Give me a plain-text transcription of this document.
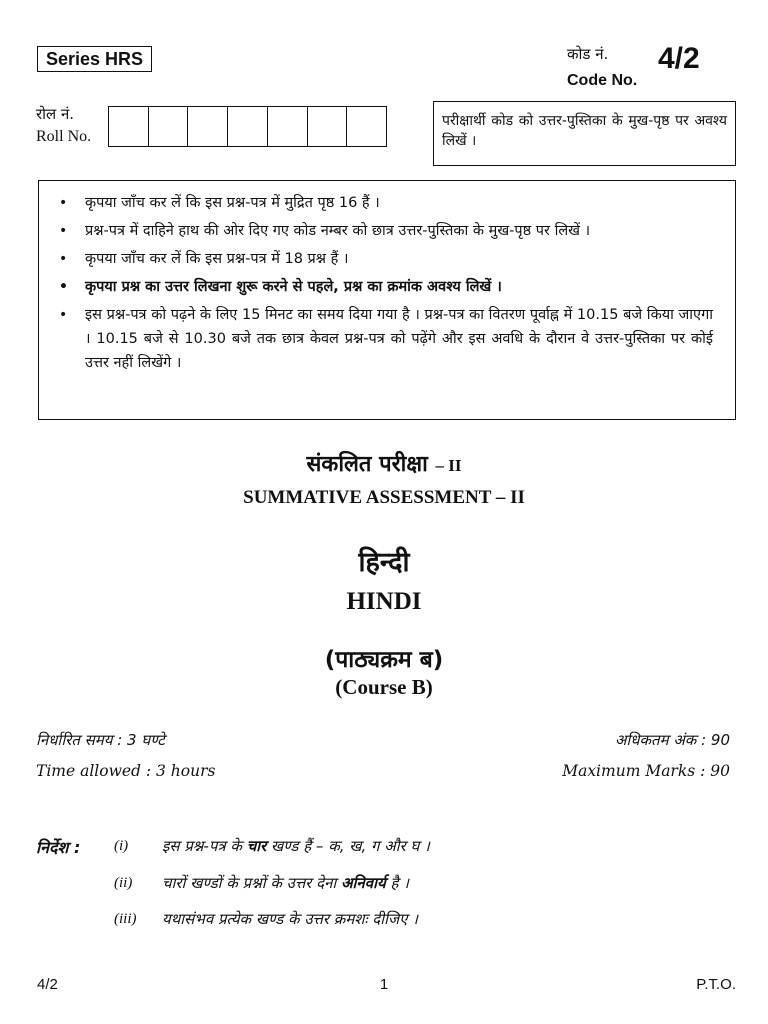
Series HRS	कोड नं. 4/2
Code No.
रोल नं.
Roll No.
परीक्षार्थी कोड को उत्तर-पुस्तिका के मुख-पृष्ठ पर अवश्य लिखें ।
• कृपया जाँच कर लें कि इस प्रश्न-पत्र में मुद्रित पृष्ठ 16 हैं ।
• प्रश्न-पत्र में दाहिने हाथ की ओर दिए गए कोड नम्बर को छात्र उत्तर-पुस्तिका के मुख-पृष्ठ पर लिखें ।
• कृपया जाँच कर लें कि इस प्रश्न-पत्र में 18 प्रश्न हैं ।
• कृपया प्रश्न का उत्तर लिखना शुरू करने से पहले, प्रश्न का क्रमांक अवश्य लिखें ।
• इस प्रश्न-पत्र को पढ़ने के लिए 15 मिनट का समय दिया गया है । प्रश्न-पत्र का वितरण पूर्वाह्न में 10.15 बजे किया जाएगा । 10.15 बजे से 10.30 बजे तक छात्र केवल प्रश्न-पत्र को पढ़ेंगे और इस अवधि के दौरान वे उत्तर-पुस्तिका पर कोई उत्तर नहीं लिखेंगे ।
संकलित परीक्षा – II
SUMMATIVE ASSESSMENT – II
हिन्दी
HINDI
(पाठ्यक्रम ब)
(Course B)
निर्धारित समय : 3 घण्टे	अधिकतम अंक : 90
Time allowed : 3 hours	Maximum Marks : 90
निर्देश : (i) इस प्रश्न-पत्र के चार खण्ड हैं – क, ख, ग और घ ।
(ii) चारों खण्डों के प्रश्नों के उत्तर देना अनिवार्य है ।
(iii) यथासंभव प्रत्येक खण्ड के उत्तर क्रमशः दीजिए ।
4/2	1	P.T.O.
